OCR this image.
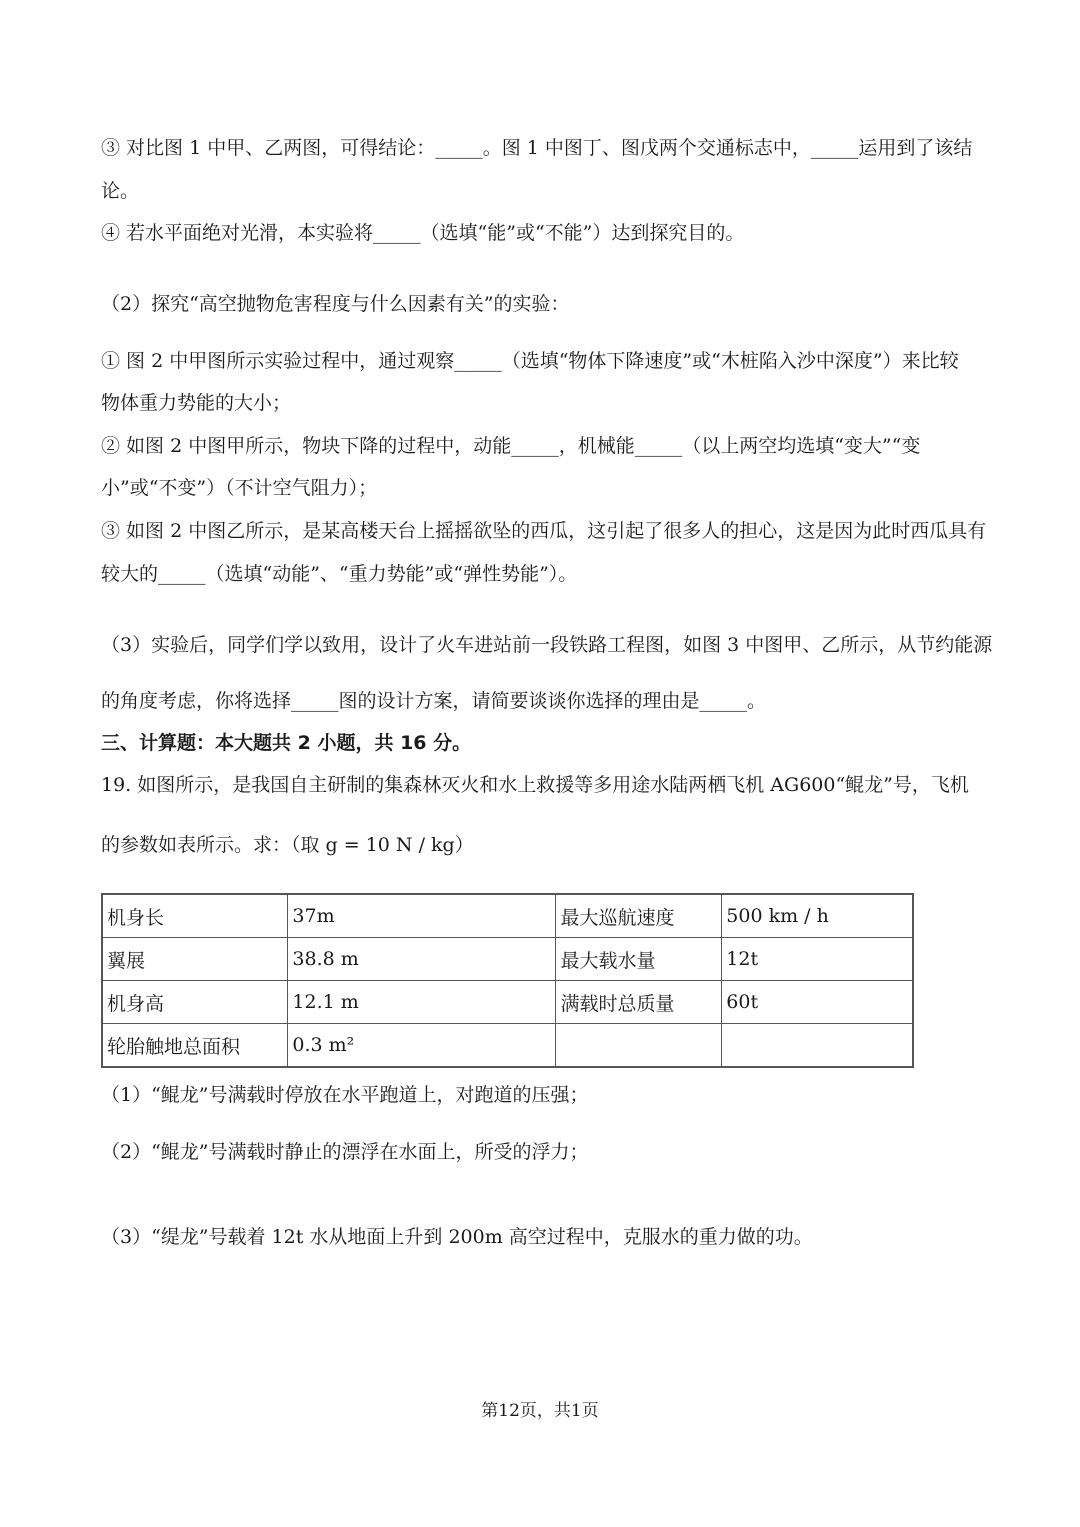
③ 对比图 1 中甲、乙两图，可得结论：_____。图 1 中图丁、图戊两个交通标志中，_____运用到了该结
论。
④ 若水平面绝对光滑，本实验将_____（选填“能”或“不能”）达到探究目的。
（2）探究“高空抛物危害程度与什么因素有关”的实验：
① 图 2 中甲图所示实验过程中，通过观察_____（选填“物体下降速度”或“木桩陷入沙中深度”）来比较
物体重力势能的大小；
② 如图 2 中图甲所示，物块下降的过程中，动能_____，机械能_____（以上两空均选填“变大”“变
小”或“不变”）（不计空气阻力）；
③ 如图 2 中图乙所示，是某高楼天台上摇摇欲坠的西瓜，这引起了很多人的担心，这是因为此时西瓜具有
较大的_____（选填“动能”、“重力势能”或“弹性势能”）。
（3）实验后，同学们学以致用，设计了火车进站前一段铁路工程图，如图 3 中图甲、乙所示，从节约能源
的角度考虑，你将选择_____图的设计方案，请简要谈谈你选择的理由是_____。
三、计算题：本大题共 2 小题，共 16 分。
19. 如图所示，是我国自主研制的集森林灭火和水上救援等多用途水陆两栖飞机 AG600“鲲龙”号，飞机
的参数如表所示。求：（取 g = 10 N / kg）
机身长	37m	最大巡航速度	500 km / h
翼展	38.8 m	最大载水量	12t
机身高	12.1 m	满载时总质量	60t
轮胎触地总面积	0.3 m²		
（1）“鲲龙”号满载时停放在水平跑道上，对跑道的压强；
（2）“鲲龙”号满载时静止的漂浮在水面上，所受的浮力；
（3）“缇龙”号载着 12t 水从地面上升到 200m 高空过程中，克服水的重力做的功。
第12页，共1页
